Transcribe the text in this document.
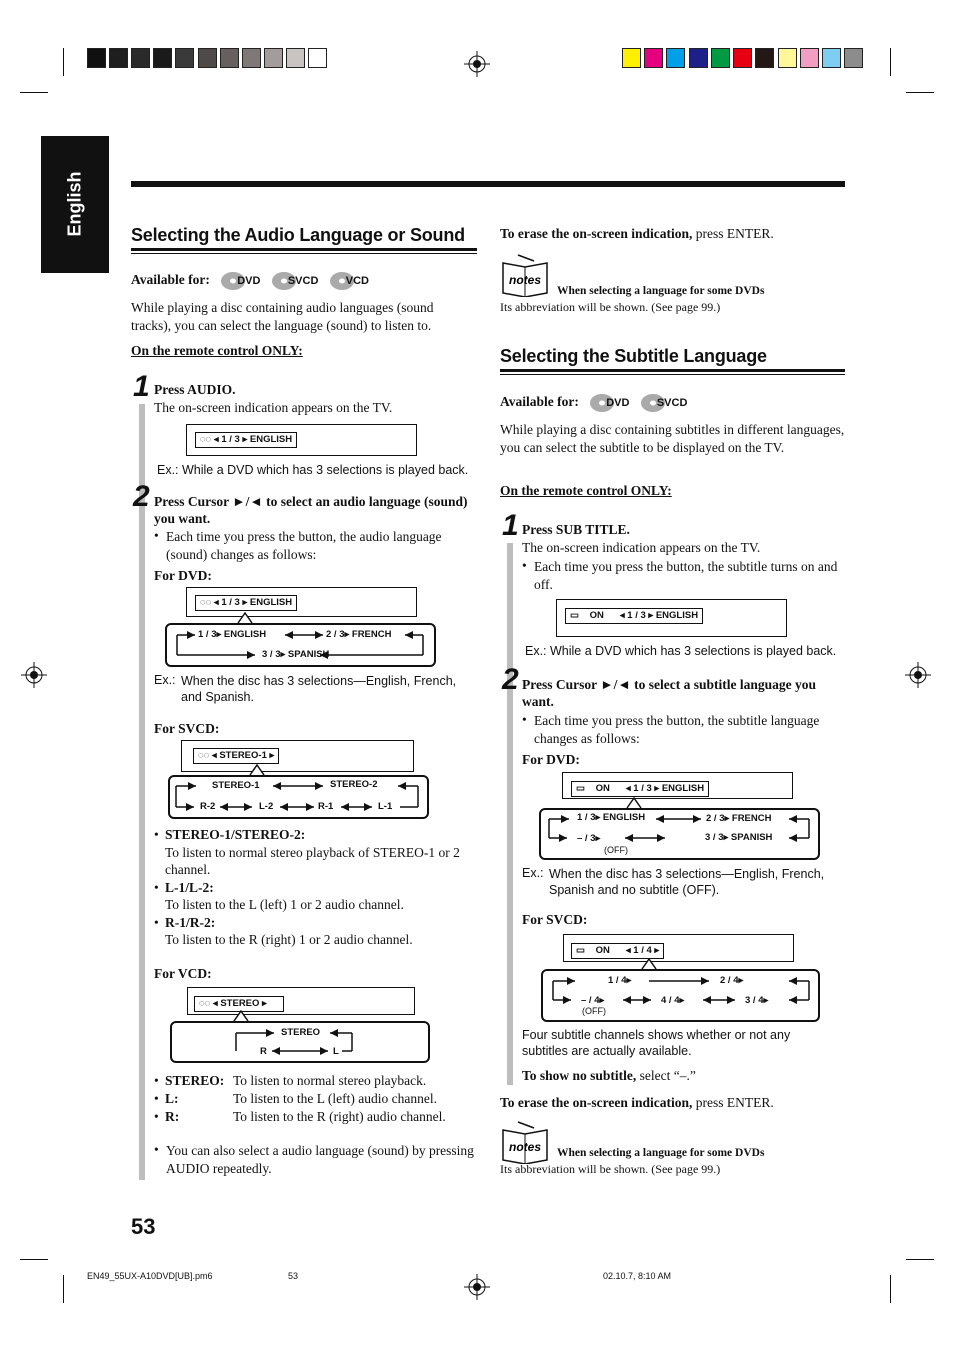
English	Selecting the Audio Language or Sound
Available for: DVD SVCD VCD

While playing a disc containing audio languages (sound tracks), you can select the language (sound) to listen to.

On the remote control ONLY:
1 Press AUDIO.
The on-screen indication appears on the TV.
◌◌ ◂ 1 / 3 ▸ ENGLISH
Ex.: While a DVD which has 3 selections is played back.
2 Press Cursor ►/◄ to select an audio language (sound) you want.
• Each time you press the button, the audio language (sound) changes as follows:

For DVD:
◌◌ ◂ 1 / 3 ▸ ENGLISH
1 / 3▸ ENGLISH	2 / 3▸ FRENCH
3 / 3▸ SPANISH
Ex.: When the disc has 3 selections—English, French, and Spanish.

For SVCD:
◌◌ ◂ STEREO-1 ▸
STEREO-1	STEREO-2
R-2	L-2	R-1	L-1
• STEREO-1/STEREO-2:
To listen to normal stereo playback of STEREO-1 or 2 channel.
• L-1/L-2:
To listen to the L (left) 1 or 2 audio channel.
• R-1/R-2:
To listen to the R (right) 1 or 2 audio channel.
For VCD:
◌◌ ◂ STEREO ▸
STEREO
R	L
• STEREO: To listen to normal stereo playback.
• L:	To listen to the L (left) audio channel.
• R:	To listen to the R (right) audio channel.
• You can also select a audio language (sound) by pressing AUDIO repeatedly.

To erase the on-screen indication, press ENTER.
notes
When selecting a language for some DVDs
Its abbreviation will be shown. (See page 99.)
Selecting the Subtitle Language
Available for: DVD SVCD

While playing a disc containing subtitles in different languages, you can select the subtitle to be displayed on the TV.

On the remote control ONLY:
1 Press SUB TITLE.
The on-screen indication appears on the TV.
• Each time you press the button, the subtitle turns on and off.

▭ ON ◂ 1 / 3 ▸ ENGLISH
Ex.: While a DVD which has 3 selections is played back.
2 Press Cursor ►/◄ to select a subtitle language you want.
• Each time you press the button, the subtitle language changes as follows:

For DVD:
▭ ON ◂ 1 / 3 ▸ ENGLISH
1 / 3▸ ENGLISH	2 / 3▸ FRENCH
– / 3▸
(OFF)
3 / 3▸ SPANISH
Ex.: When the disc has 3 selections—English, French, Spanish and no subtitle (OFF).

For SVCD:
▭ ON ◂ 1 / 4 ▸
1 / 4▸	2 / 4▸
– / 4▸
(OFF)
4 / 4▸	3 / 4▸

Four subtitle channels shows whether or not any subtitles are actually available.

To show no subtitle, select “–.”
To erase the on-screen indication, press ENTER.
notes When selecting a language for some DVDs
Its abbreviation will be shown. (See page 99.)
53
EN49_55UX-A10DVD[UB].pm6	53	02.10.7, 8:10 AM
